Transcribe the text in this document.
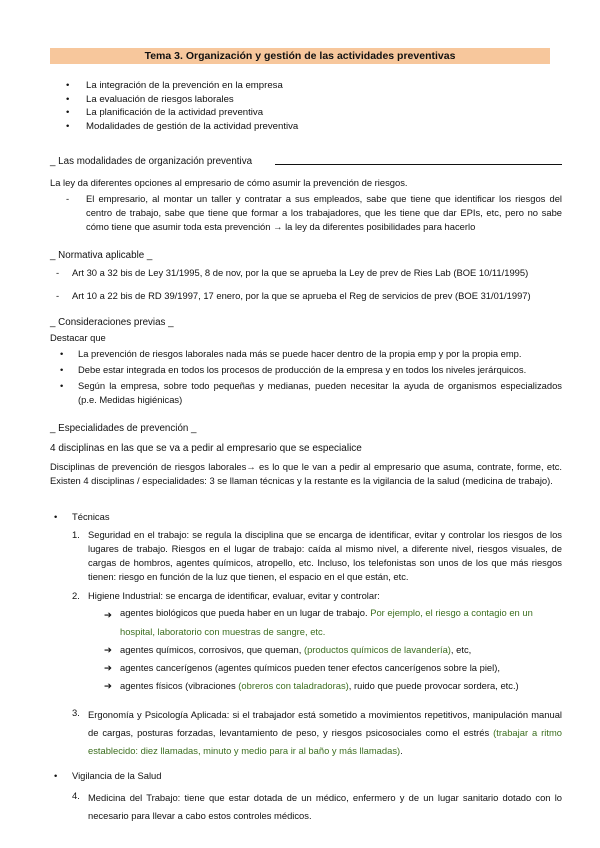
Tema 3. Organización y gestión de las actividades preventivas
• La integración de la prevención en la empresa
• La evaluación de riesgos laborales
• La planificación de la actividad preventiva
• Modalidades de gestión de la actividad preventiva
_ Las modalidades de organización preventiva
La ley da diferentes opciones al empresario de cómo asumir la prevención de riesgos.
-	El empresario, al montar un taller y contratar a sus empleados, sabe que tiene que identificar los riesgos del centro de trabajo, sabe que tiene que formar a los trabajadores, que les tiene que dar EPIs, etc, pero no sabe cómo tiene que asumir toda esta prevención → la ley da diferentes posibilidades para hacerlo
_ Normativa aplicable _
-	Art 30 a 32 bis de Ley 31/1995, 8 de nov, por la que se aprueba la Ley de prev de Ries Lab (BOE 10/11/1995)
-	Art 10 a 22 bis de RD 39/1997, 17 enero, por la que se aprueba el Reg de servicios de prev (BOE 31/01/1997)
_ Consideraciones previas _
Destacar que
•	La prevención de riesgos laborales nada más se puede hacer dentro de la propia emp y por la propia emp.
•	Debe estar integrada en todos los procesos de producción de la empresa y en todos los niveles jerárquicos.
•	Según la empresa, sobre todo pequeñas y medianas, pueden necesitar la ayuda de organismos especializados (p.e. Medidas higiénicas)
_ Especialidades de prevención _
4 disciplinas en las que se va a pedir al empresario que se especialice
Disciplinas de prevención de riesgos laborales→ es lo que le van a pedir al empresario que asuma, contrate, forme, etc. Existen 4 disciplinas / especialidades: 3 se llaman técnicas y la restante es la vigilancia de la salud (medicina de trabajo).
•	Técnicas
1. Seguridad en el trabajo: se regula la disciplina que se encarga de identificar, evitar y controlar los riesgos de los lugares de trabajo. Riesgos en el lugar de trabajo: caída al mismo nivel, a diferente nivel, riesgos visuales, de cargas de hombros, agentes químicos, atropello, etc. Incluso, los telefonistas son unos de los que más riesgos tienen: riesgo en función de la luz que tienen, el espacio en el que están, etc.
2. Higiene Industrial: se encarga de identificar, evaluar, evitar y controlar:
➔ agentes biológicos que pueda haber en un lugar de trabajo. Por ejemplo, el riesgo a contagio en un hospital, laboratorio con muestras de sangre, etc.
➔ agentes químicos, corrosivos, que queman, (productos químicos de lavandería), etc,
➔ agentes cancerígenos (agentes químicos pueden tener efectos cancerígenos sobre la piel),
➔ agentes físicos (vibraciones (obreros con taladradoras), ruido que puede provocar sordera, etc.)
3. Ergonomía y Psicología Aplicada: si el trabajador está sometido a movimientos repetitivos, manipulación manual de cargas, posturas forzadas, levantamiento de peso, y riesgos psicosociales como el estrés (trabajar a ritmo establecido: diez llamadas, minuto y medio para ir al baño y más llamadas).
•	Vigilancia de la Salud
4. Medicina del Trabajo: tiene que estar dotada de un médico, enfermero y de un lugar sanitario dotado con lo necesario para llevar a cabo estos controles médicos.
